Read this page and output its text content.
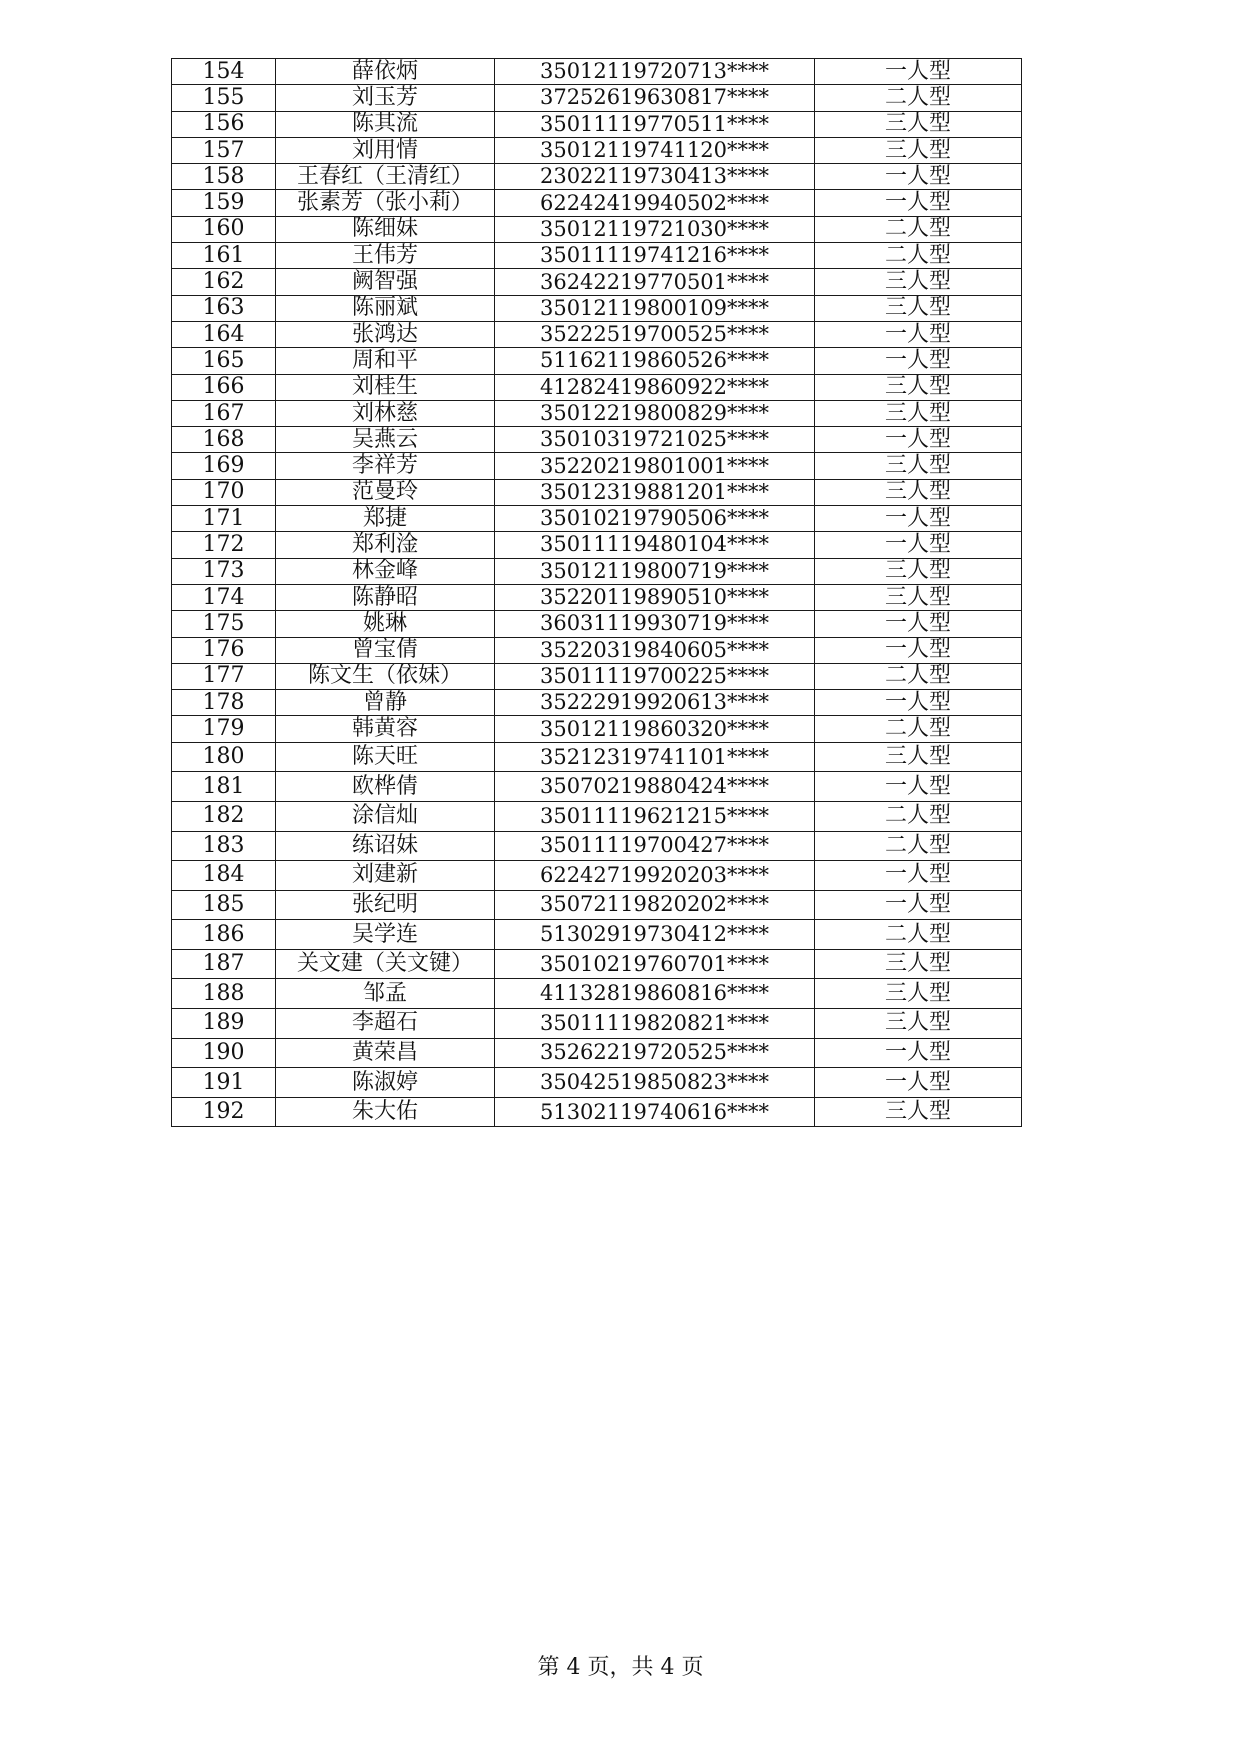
154	薛依炳	35012119720713****	一人型
155	刘玉芳	37252619630817****	二人型
156	陈其流	35011119770511****	三人型
157	刘用情	35012119741120****	三人型
158	王春红（王清红）	23022119730413****	一人型
159	张素芳（张小莉）	62242419940502****	一人型
160	陈细妹	35012119721030****	二人型
161	王伟芳	35011119741216****	二人型
162	阙智强	36242219770501****	三人型
163	陈丽斌	35012119800109****	三人型
164	张鸿达	35222519700525****	一人型
165	周和平	51162119860526****	一人型
166	刘桂生	41282419860922****	三人型
167	刘林慈	35012219800829****	三人型
168	吴燕云	35010319721025****	一人型
169	李祥芳	35220219801001****	三人型
170	范曼玲	35012319881201****	三人型
171	郑捷	35010219790506****	一人型
172	郑利淦	35011119480104****	一人型
173	林金峰	35012119800719****	三人型
174	陈静昭	35220119890510****	三人型
175	姚琳	36031119930719****	一人型
176	曾宝倩	35220319840605****	一人型
177	陈文生（依妹）	35011119700225****	二人型
178	曾静	35222919920613****	一人型
179	韩黄容	35012119860320****	二人型
180	陈天旺	35212319741101****	三人型
181	欧桦倩	35070219880424****	一人型
182	涂信灿	35011119621215****	二人型
183	练诏妹	35011119700427****	二人型
184	刘建新	62242719920203****	一人型
185	张纪明	35072119820202****	一人型
186	吴学连	51302919730412****	二人型
187	关文建（关文键）	35010219760701****	三人型
188	邹孟	41132819860816****	三人型
189	李超石	35011119820821****	三人型
190	黄荣昌	35262219720525****	一人型
191	陈淑婷	35042519850823****	一人型
192	朱大佑	51302119740616****	三人型
第 4 页，共 4 页
